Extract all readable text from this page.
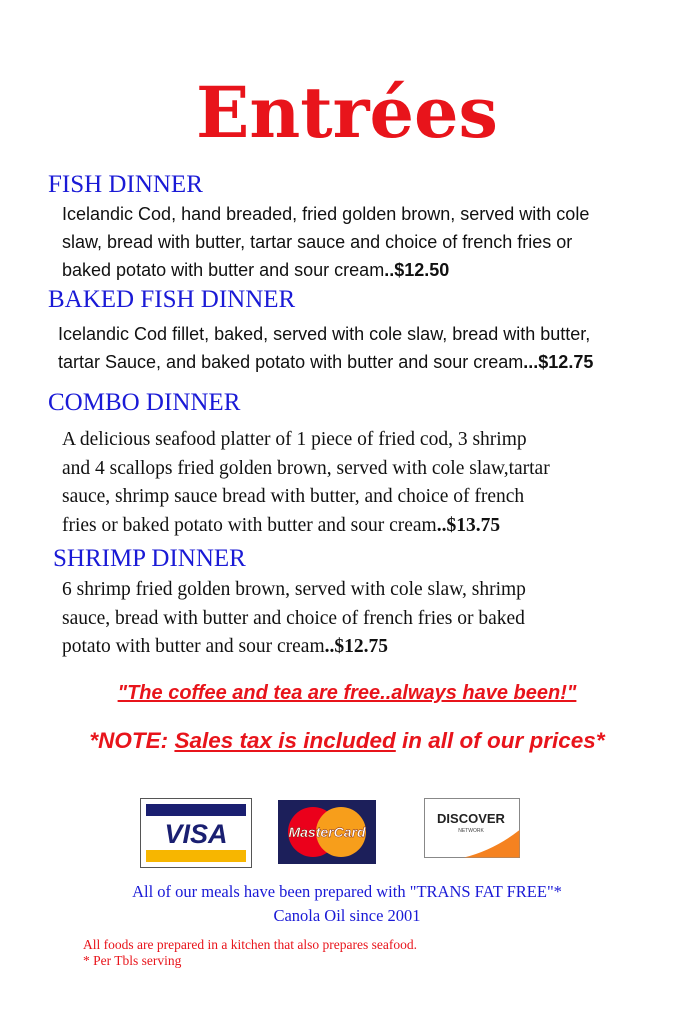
Entrées
FISH DINNER
Icelandic Cod, hand breaded, fried golden brown, served with cole
slaw, bread with butter, tartar sauce and choice of french fries or
baked potato with butter and sour cream..$12.50
BAKED FISH DINNER
Icelandic Cod fillet, baked, served with cole slaw, bread with butter,
tartar Sauce, and baked potato with butter and sour cream...$12.75
COMBO DINNER
A delicious seafood platter of 1 piece of fried cod, 3 shrimp
and 4 scallops fried golden brown, served with cole slaw,tartar
sauce, shrimp sauce bread with butter, and choice of french
fries or baked potato with butter and sour cream..$13.75
SHRIMP DINNER
6 shrimp fried golden brown, served with cole slaw, shrimp
sauce, bread with butter and choice of french fries or baked
potato with butter and sour cream..$12.75
"The coffee and tea are free..always have been!"
*NOTE: Sales tax is included in all of our prices*
VISA	MasterCard
DISCOVER
NETWORK
All of our meals have been prepared with "TRANS FAT FREE"*
Canola Oil since 2001
All foods are prepared in a kitchen that also prepares seafood.
* Per Tbls serving
